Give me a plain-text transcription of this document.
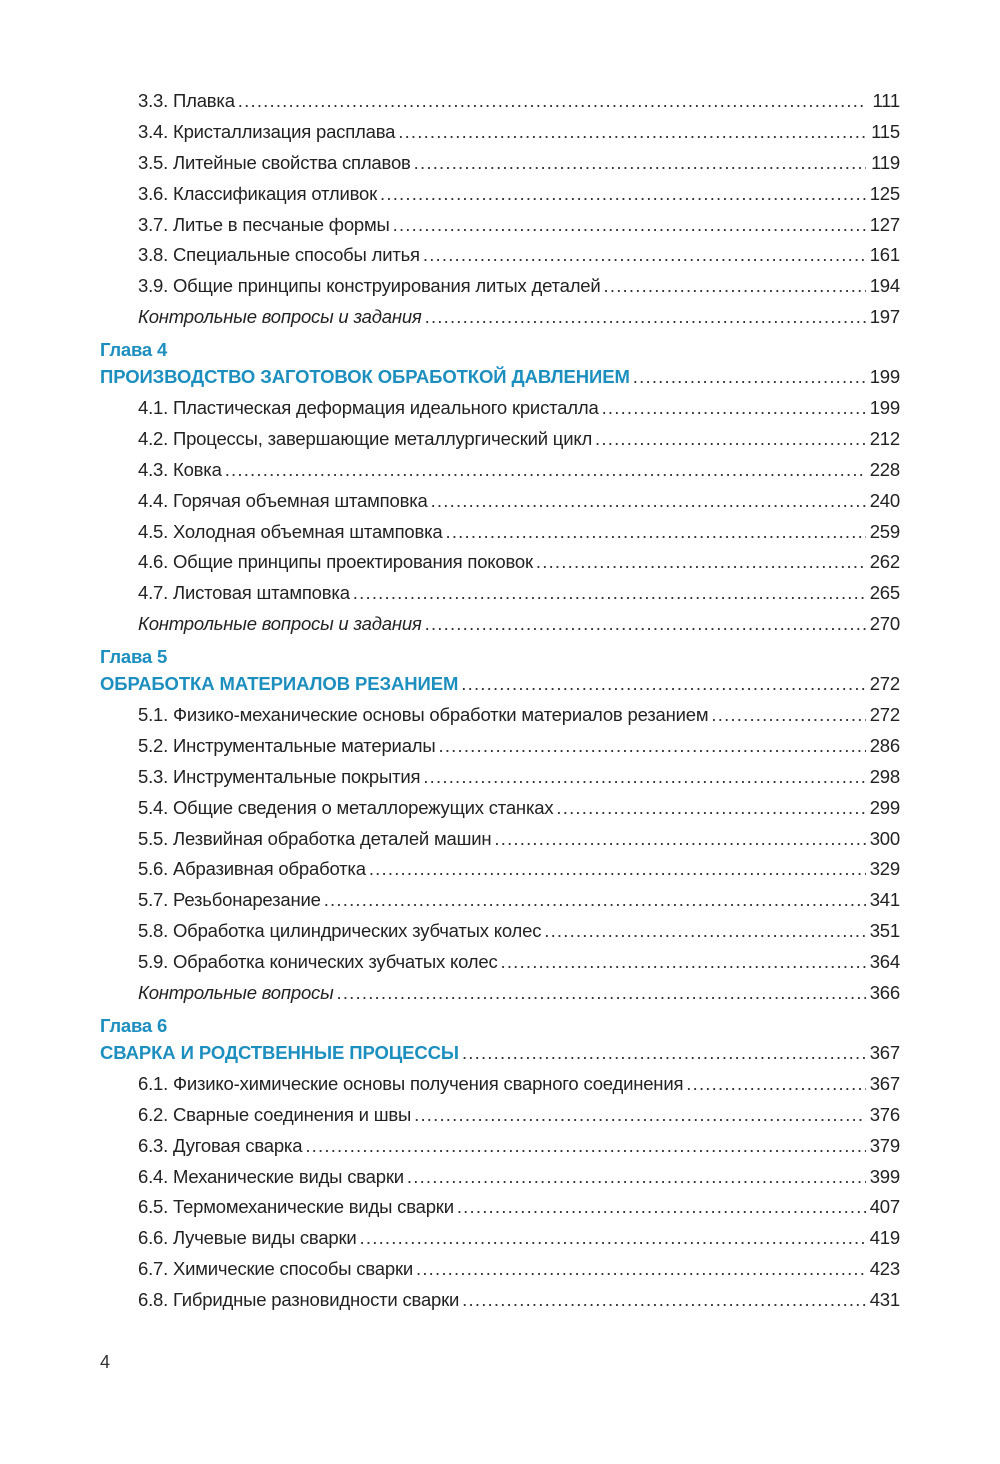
3.3. Плавка .....	111
3.4. Кристаллизация расплава .....	115
3.5. Литейные свойства сплавов .....	119
3.6. Классификация отливок .....	125
3.7. Литье в песчаные формы .....	127
3.8. Специальные способы литья .....	161
3.9. Общие принципы конструирования литых деталей .....	194
Контрольные вопросы и задания .....	197
Глава 4
ПРОИЗВОДСТВО ЗАГОТОВОК ОБРАБОТКОЙ ДАВЛЕНИЕМ .....	199
4.1. Пластическая деформация идеального кристалла .....	199
4.2. Процессы, завершающие металлургический цикл .....	212
4.3. Ковка .....	228
4.4. Горячая объемная штамповка .....	240
4.5. Холодная объемная штамповка .....	259
4.6. Общие принципы проектирования поковок .....	262
4.7. Листовая штамповка .....	265
Контрольные вопросы и задания .....	270
Глава 5
ОБРАБОТКА МАТЕРИАЛОВ РЕЗАНИЕМ .....	272
5.1. Физико-механические основы обработки материалов резанием .....	272
5.2. Инструментальные материалы .....	286
5.3. Инструментальные покрытия .....	298
5.4. Общие сведения о металлорежущих станках .....	299
5.5. Лезвийная обработка деталей машин .....	300
5.6. Абразивная обработка .....	329
5.7. Резьбонарезание .....	341
5.8. Обработка цилиндрических зубчатых колес .....	351
5.9. Обработка конических зубчатых колес .....	364
Контрольные вопросы .....	366
Глава 6
СВАРКА И РОДСТВЕННЫЕ ПРОЦЕССЫ .....	367
6.1. Физико-химические основы получения сварного соединения .....	367
6.2. Сварные соединения и швы .....	376
6.3. Дуговая сварка .....	379
6.4. Механические виды сварки .....	399
6.5. Термомеханические виды сварки .....	407
6.6. Лучевые виды сварки .....	419
6.7. Химические способы сварки .....	423
6.8. Гибридные разновидности сварки .....	431
4
